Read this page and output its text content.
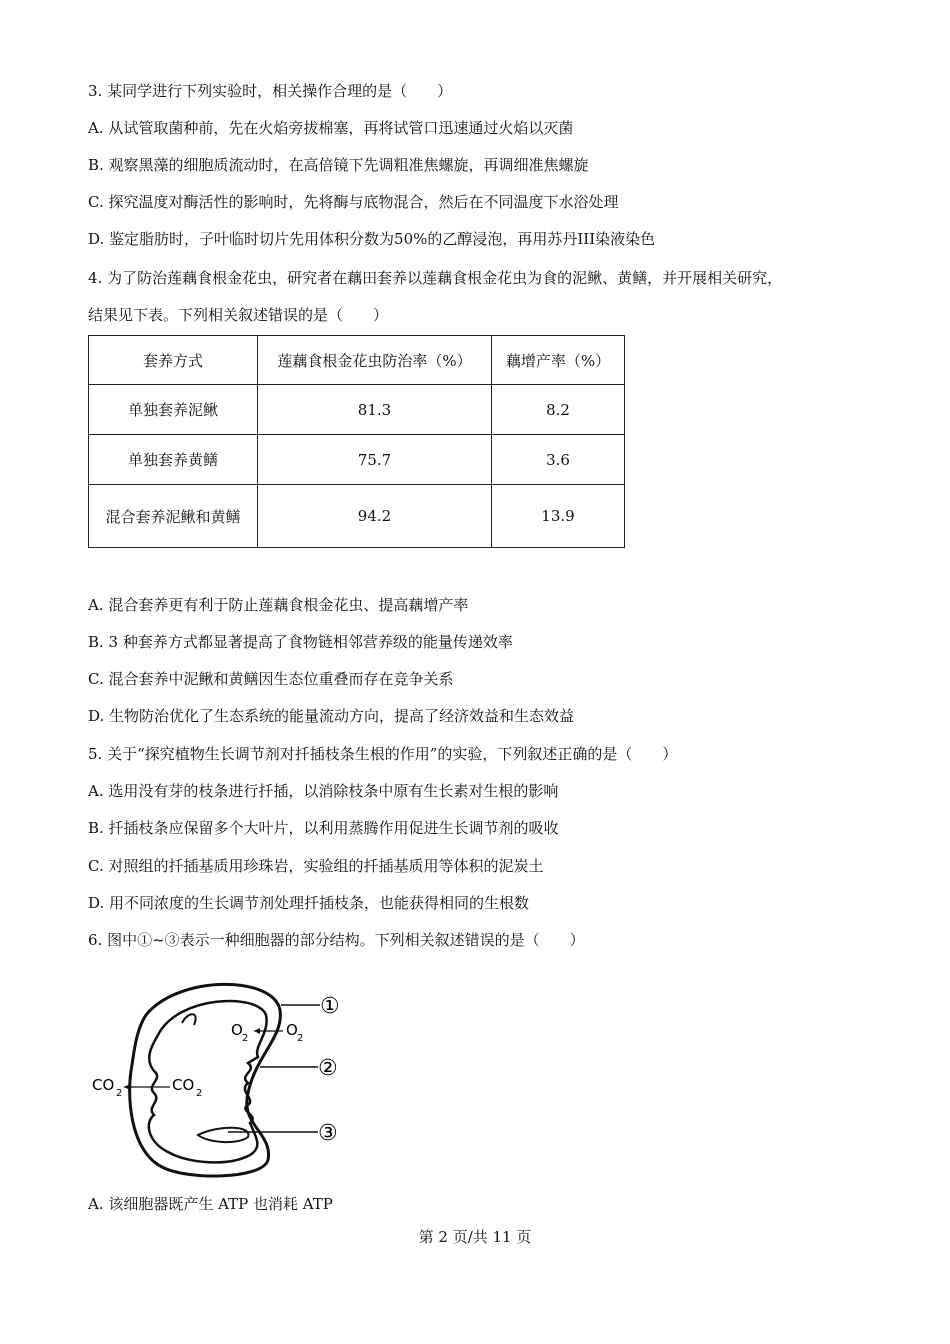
3. 某同学进行下列实验时，相关操作合理的是（　　）
A. 从试管取菌种前，先在火焰旁拔棉塞，再将试管口迅速通过火焰以灭菌
B. 观察黑藻的细胞质流动时，在高倍镜下先调粗准焦螺旋，再调细准焦螺旋
C. 探究温度对酶活性的影响时，先将酶与底物混合，然后在不同温度下水浴处理
D. 鉴定脂肪时，子叶临时切片先用体积分数为50%的乙醇浸泡，再用苏丹III染液染色
4. 为了防治莲藕食根金花虫，研究者在藕田套养以莲藕食根金花虫为食的泥鳅、黄鳝，并开展相关研究，
结果见下表。下列相关叙述错误的是（　　）
套养方式	莲藕食根金花虫防治率（%）	藕增产率（%）
单独套养泥鳅	81.3	8.2
单独套养黄鳝	75.7	3.6
混合套养泥鳅和黄鳝	94.2	13.9
A. 混合套养更有利于防止莲藕食根金花虫、提高藕增产率
B. 3 种套养方式都显著提高了食物链相邻营养级的能量传递效率
C. 混合套养中泥鳅和黄鳝因生态位重叠而存在竞争关系
D. 生物防治优化了生态系统的能量流动方向，提高了经济效益和生态效益
5. 关于“探究植物生长调节剂对扦插枝条生根的作用”的实验，下列叙述正确的是（　　）
A. 选用没有芽的枝条进行扦插，以消除枝条中原有生长素对生根的影响
B. 扦插枝条应保留多个大叶片，以利用蒸腾作用促进生长调节剂的吸收
C. 对照组的扦插基质用珍珠岩，实验组的扦插基质用等体积的泥炭土
D. 用不同浓度的生长调节剂处理扦插枝条，也能获得相同的生根数
6. 图中①~③表示一种细胞器的部分结构。下列相关叙述错误的是（　　）
①
②
③
O 2	O 2
CO 2	CO 2
A. 该细胞器既产生 ATP 也消耗 ATP
第 2 页/共 11 页
